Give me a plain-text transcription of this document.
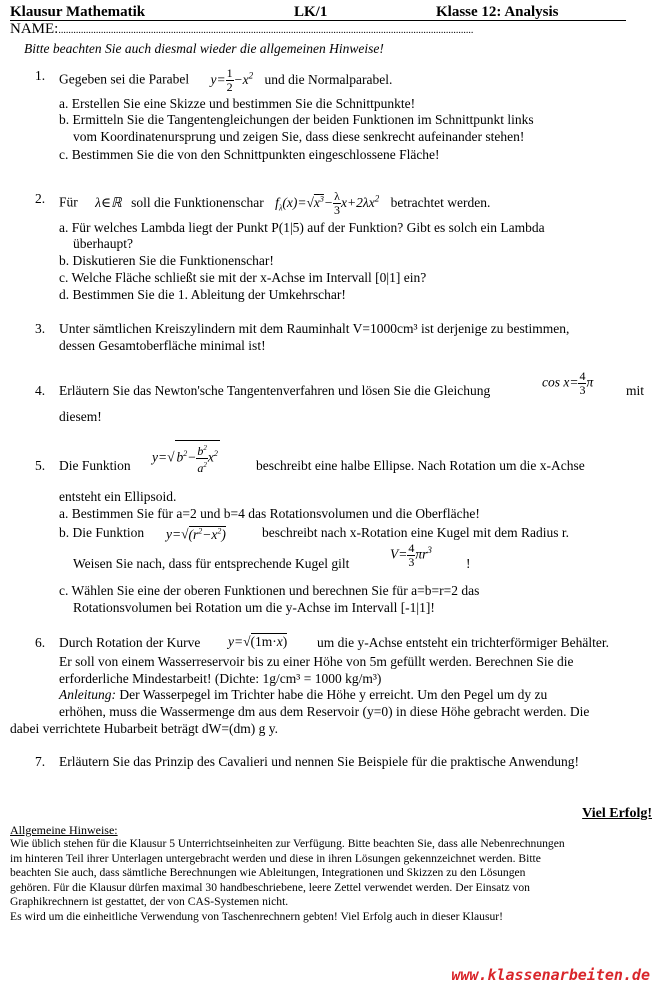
Klausur Mathematik	LK/1	Klasse 12: Analysis
NAME:......................................................................................................................................................................
Bitte beachten Sie auch diesmal wieder die allgemeinen Hinweise!
1. Gegeben sei die Parabel $y= \frac{1}{2} -x^2$ und die Normalparabel.
a. Erstellen Sie eine Skizze und bestimmen Sie die Schnittpunkte!
b. Ermitteln Sie die Tangentengleichungen der beiden Funktionen im Schnittpunkt links
vom Koordinatenursprung und zeigen Sie, dass diese senkrecht aufeinander stehen!
c. Bestimmen Sie die von den Schnittpunkten eingeschlossene Fläche!
2. Für λ∈ℝ soll die Funktionenschar $f_\lambda(x)=√x^3- \frac{\lambda}{3} x+2\lambda x^2$ betrachtet werden.
a. Für welches Lambda liegt der Punkt P(1|5) auf der Funktion? Gibt es solch ein Lambda
überhaupt?
b. Diskutieren Sie die Funktionenschar!
c. Welche Fläche schließt sie mit der x-Achse im Intervall [0|1] ein?
d. Bestimmen Sie die 1. Ableitung der Umkehrschar!
3. Unter sämtlichen Kreiszylindern mit dem Rauminhalt V=1000cm³ ist derjenige zu bestimmen,
dessen Gesamtoberfläche minimal ist!
4. Erläutern Sie das Newton'sche Tangentenverfahren und lösen Sie die Gleichung
$\cos x= \frac{4}{3}$ π
mit
diesem!
5. Die Funktion
y=√ $b^2- \frac{b^2}{a^2} x^2$
beschreibt eine halbe Ellipse. Nach Rotation um die x-Achse
entsteht ein Ellipsoid.
a. Bestimmen Sie für a=2 und b=4 das Rotationsvolumen und die Oberfläche!
b. Die Funktion $y=√(r^2-x^2)$	beschreibt nach x-Rotation eine Kugel mit dem Radius r.
Weisen Sie nach, dass für entsprechende Kugel gilt
$V= \frac{4}{3} \pi r^3$
!
c. Wählen Sie eine der oberen Funktionen und berechnen Sie für a=b=r=2 das
Rotationsvolumen bei Rotation um die y-Achse im Intervall [-1|1]!
6. Durch Rotation der Kurve y=√(1m·x) um die y-Achse entsteht ein trichterförmiger Behälter.
Er soll von einem Wasserreservoir bis zu einer Höhe von 5m gefüllt werden. Berechnen Sie die
erforderliche Mindestarbeit! (Dichte: 1g/cm³ = 1000 kg/m³)
Anleitung: Der Wasserpegel im Trichter habe die Höhe y erreicht. Um den Pegel um dy zu
erhöhen, muss die Wassermenge dm aus dem Reservoir (y=0) in diese Höhe gebracht werden. Die
dabei verrichtete Hubarbeit beträgt dW=(dm) g y.
7. Erläutern Sie das Prinzip des Cavalieri und nennen Sie Beispiele für die praktische Anwendung!
Viel Erfolg!
Allgemeine Hinweise:
Wie üblich stehen für die Klausur 5 Unterrichtseinheiten zur Verfügung. Bitte beachten Sie, dass alle Nebenrechnungen
im hinteren Teil ihrer Unterlagen untergebracht werden und diese in ihren Lösungen gekennzeichnet werden. Bitte
beachten Sie auch, dass sämtliche Berechnungen wie Ableitungen, Integrationen und Skizzen zu den Lösungen
gehören. Für die Klausur dürfen maximal 30 handbeschriebene, leere Zettel verwendet werden. Der Einsatz von
Graphikrechnern ist gestattet, der von CAS-Systemen nicht.
Es wird um die einheitliche Verwendung von Taschenrechnern gebten! Viel Erfolg auch in dieser Klausur!
www.klassenarbeiten.de
